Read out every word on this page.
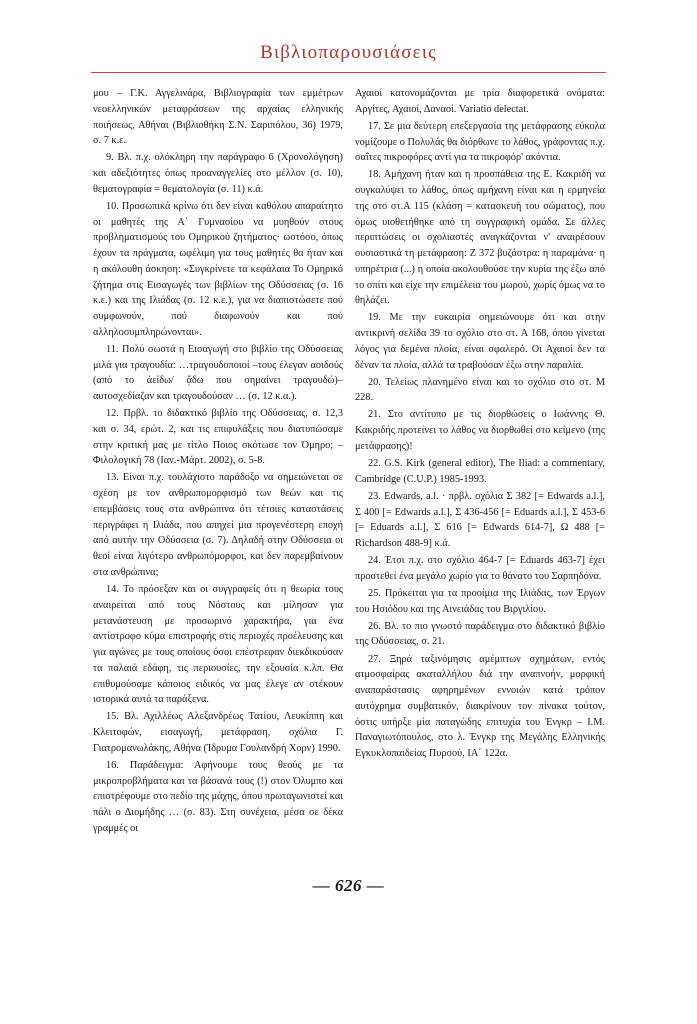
Βιβλιοπαρουσιάσεις

μου – Γ.Κ. Αγγελινάρα, Βιβλιογραφία των εμμέτρων νεοελληνικών μεταφράσεων της αρχαίας ελληνικής ποιήσεως, Αθήναι (Βιβλιοθήκη Σ.Ν. Σαριπόλου, 36) 1979, σ. 7 κ.ε.

9. Βλ. π.χ. ολόκληρη την παράγραφο 6 (Χρονολόγηση) και αδεξιότητες όπως προαναγγελίες στο μέλλον (σ. 10), θεματογραφία = θεματολογία (σ. 11) κ.ά.

10. Προσωπικά κρίνω ότι δεν είναι καθόλου απαραίτητο οι μαθητές της Α΄ Γυμνασίου να μυηθούν στους προβληματισμούς του Ομηρικού ζητήματος· ωστόσο, όπως έχουν τα πράγματα, ωφέλιμη για τους μαθητές θα ήταν και η ακόλουθη άσκηση: «Συγκρίνετε τα κεφάλαια Το Ομηρικό ζήτημα στις Εισαγωγές των βιβλίων της Οδύσσειας (σ. 16 κ.ε.) και της Ιλιάδας (σ. 12 κ.ε.), για να διαπιστώσετε πού συμφωνούν, πού διαφωνούν και πού αλληλοσυμπληρώνονται».

11. Πολύ σωστά η Εισαγωγή στο βιβλίο της Οδύσσειας μιλά για τραγουδία: …τραγουδοποιοί –τους έλεγαν αοιδούς (από το ἀείδω/ ᾄδω που σημαίνει τραγουδώ)– αυτοσχεδίαζαν και τραγουδούσαν … (σ. 12 κ.α.).

12. Πρβλ. το διδακτικό βιβλίο της Οδύσσειας, σ. 12,3 και σ. 34, ερώτ. 2, και τις επιφυλάξεις που διατυπώσαμε στην κριτική μας με τίτλο Ποιος σκότωσε τον Όμηρο; – Φιλολογική 78 (Ιαν.-Μάρτ. 2002), σ. 5-8.

13. Είναι π.χ. τουλάχιστο παράδοξο να σημειώνεται σε σχέση με τον ανθρωπομορφισμό των θεών και τις επεμβάσεις τους στα ανθρώπινα ότι τέτοιες καταστάσεις περιγράφει η Ιλιάδα, που απηχεί μια προγενέστερη εποχή από αυτήν την Οδύσσεια (σ. 7). Δηλαδή στην Οδύσσεια οι θεοί είναι λιγότερο ανθρωπόμορφοι, και δεν παρεμβαίνουν στα ανθρώπινα;

14. Το πρόσεξαν και οι συγγραφείς ότι η θεωρία τους αναιρείται από τους Νόστους και μίλησαν για μετανάστευση με προσωρινό χαρακτήρα, για ένα αντίστροφο κύμα επιστροφής στις περιοχές προέλευσης και για αγώνες με τους οποίους όσοι επέστρεφαν διεκδικούσαν τα παλαιά εδάφη, τις περιουσίες, την εξουσία κ.λπ. Θα επιθυμούσαμε κάποιος ειδικός να μας έλεγε αν στέκουν ιστορικά αυτά τα παράξενα.

15. Βλ. Αχιλλέως Αλεξανδρέως Τατίου, Λευκίππη και Κλειτοφών, εισαγωγή, μετάφραση, σχόλια Γ. Γιατρομανωλάκης, Αθήνα (Ίδρυμα Γουλανδρή Χορν) 1990.

16. Παράδειγμα: Αφήνουμε τους θεούς με τα μικροπροβλήματα και τα βάσανά τους (!) στον Όλυμπο και επιστρέφουμε στο πεδίο της μάχης, όπου πρωταγωνιστεί και πάλι ο Διομήδης … (σ. 83). Στη συνέχεια, μέσα σε δέκα γραμμές οι

Αχαιοί κατονομάζονται με τρία διαφορετικά ονόματα: Αργίτες, Αχαιοί, Δαναοί. Variatio delectat.

17. Σε μια δεύτερη επεξεργασία της μετάφρασης εύκολα νομίζουμε ο Πολυλάς θα διόρθωνε το λάθος, γράφοντας π.χ. σαΐτες πικροφόρες αντί για τα πικροφόρ' ακόντια.

18. Αμήχανη ήταν και η προσπάθεια της Ε. Κακριδή να συγκαλύψει το λάθος, όπως αμήχανη είναι και η ερμηνεία της στο στ.Α 115 (κλάση = κατασκευή του σώματος), που όμως υιοθετήθηκε από τη συγγραφική ομάδα. Σε άλλες περιπτώσεις οι σχολιαστές αναγκάζονται ν' αναιρέσουν ουσιαστικά τη μετάφραση: Ζ 372 βυζάστρα: η παραμάνα· η υπηρέτρια (...) η οποία ακολουθούσε την κυρία της έξω από το σπίτι και είχε την επιμέλεια του μωρού, χωρίς όμως να το θηλάζει.

19. Με την ευκαιρία σημειώνουμε ότι και στην αντικρινή σελίδα 39 το σχόλιο στο στ. Α 168, όπου γίνεται λόγος για δεμένα πλοία, είναι σφαλερό. Οι Αχαιοί δεν τα δέναν τα πλοία, αλλά τα τραβούσαν έξω στην παραλία.

20. Τελείως πλανημένο είναι και το σχόλιο στο στ. Μ 228.

21. Στο αντίτυπο με τις διορθώσεις ο Ιωάννης Θ. Κακριδής προτείνει το λάθος να διορθωθεί στο κείμενο (της μετάφρασης)!

22. G.S. Kirk (general editor), The Iliad: a commentary, Cambridge (C.U.P.) 1985-1993.

23. Edwards, a.l. · πρβλ. σχόλια Σ 382 [= Edwards a.l.], Σ 400 [= Edwards a.l.], Σ 436-456 [= Eduards a.l.], Σ 453-6 [= Eduards a.l.], Σ 616 [= Edwards 614-7], Ω 488 [= Richardson 488-9] κ.ά.

24. Έτσι π.χ. στο σχόλιο 464-7 [= Eduards 463-7] έχει προστεθεί ένα μεγάλο χωρίο για το θάνατο του Σαρπηδόνα.

25. Πρόκειται για τα προοίμια της Ιλιάδας, των Έργων του Ησιόδου και της Αινειάδας του Βιργιλίου.

26. Βλ. το πιο γνωστό παράδειγμα στο διδακτικό βιβλίο της Οδύσσειας, σ. 21.

27. Ξηρά ταξινόμησις αμέμπτων σχημάτων, εντός ατμοσφαίρας ακαταλλήλου διά την αναπνοήν, μορφική αναπαράστασις αφηρημένων εννοιών κατά τρόπον αυτόχρημα συμβατικόν, διακρίνουν τον πίνακα τούτον, όστις υπήρξε μία παταγώδης επιτυχία του Ένγκρ – Ι.Μ. Παναγιωτόπουλος, στο λ. Ένγκρ της Μεγάλης Ελληνικής Εγκυκλοπαιδείας Πυρσού, ΙΑ΄ 122α.

— 626 —
